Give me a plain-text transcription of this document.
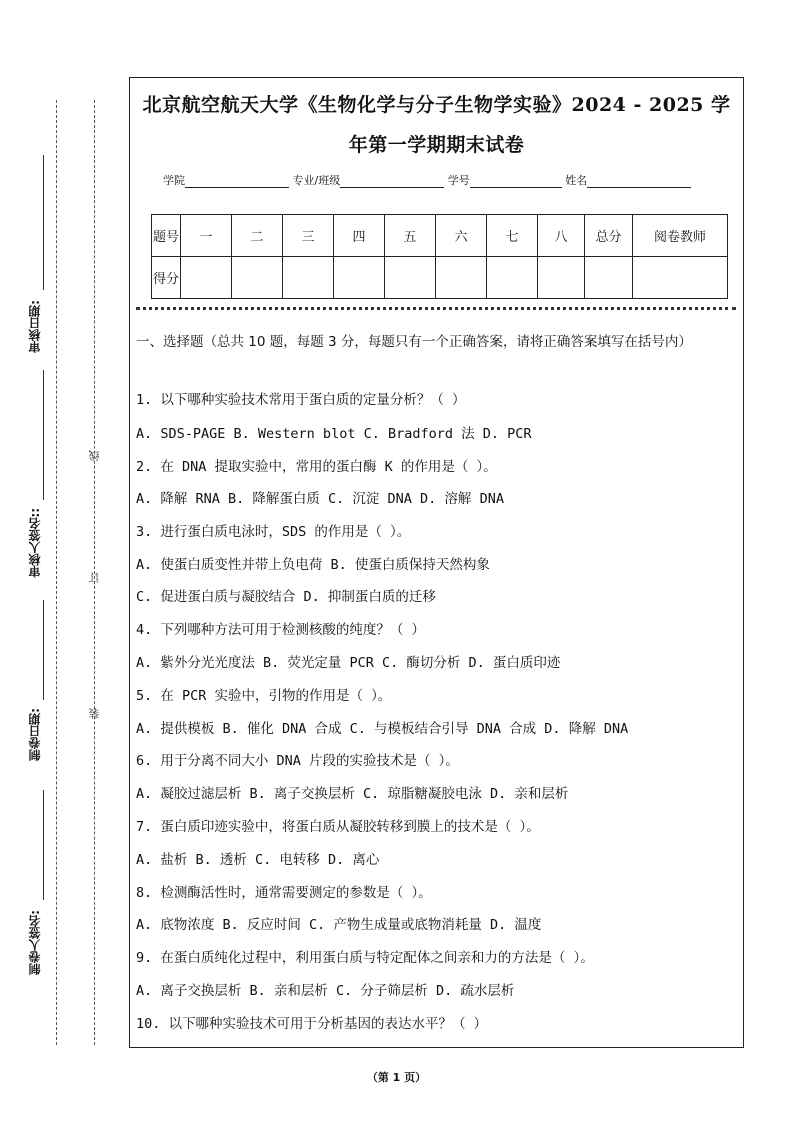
审核日期:
审核人签名::
制卷日期:
制卷人签名:
线
订
装
北京航空航天大学《生物化学与分子生物学实验》2024 - 2025 学
年第一学期期末试卷
学院	专业/班级	学号	姓名
题号	一	二	三	四	五	六	七	八	总分	阅卷教师
得分										
一、选择题（总共 10 题，每题 3 分，每题只有一个正确答案，请将正确答案填写在括号内）
1. 以下哪种实验技术常用于蛋白质的定量分析？（ ）
A. SDS-PAGE B. Western blot C. Bradford 法 D. PCR
2. 在 DNA 提取实验中，常用的蛋白酶 K 的作用是（ ）。
A. 降解 RNA B. 降解蛋白质 C. 沉淀 DNA D. 溶解 DNA
3. 进行蛋白质电泳时，SDS 的作用是（ ）。
A. 使蛋白质变性并带上负电荷 B. 使蛋白质保持天然构象
C. 促进蛋白质与凝胶结合 D. 抑制蛋白质的迁移
4. 下列哪种方法可用于检测核酸的纯度？（ ）
A. 紫外分光光度法 B. 荧光定量 PCR C. 酶切分析 D. 蛋白质印迹
5. 在 PCR 实验中，引物的作用是（ ）。
A. 提供模板 B. 催化 DNA 合成 C. 与模板结合引导 DNA 合成 D. 降解 DNA
6. 用于分离不同大小 DNA 片段的实验技术是（ ）。
A. 凝胶过滤层析 B. 离子交换层析 C. 琼脂糖凝胶电泳 D. 亲和层析
7. 蛋白质印迹实验中，将蛋白质从凝胶转移到膜上的技术是（ ）。
A. 盐析 B. 透析 C. 电转移 D. 离心
8. 检测酶活性时，通常需要测定的参数是（ ）。
A. 底物浓度 B. 反应时间 C. 产物生成量或底物消耗量 D. 温度
9. 在蛋白质纯化过程中，利用蛋白质与特定配体之间亲和力的方法是（ ）。
A. 离子交换层析 B. 亲和层析 C. 分子筛层析 D. 疏水层析
10. 以下哪种实验技术可用于分析基因的表达水平？（ ）
（第 1 页）
